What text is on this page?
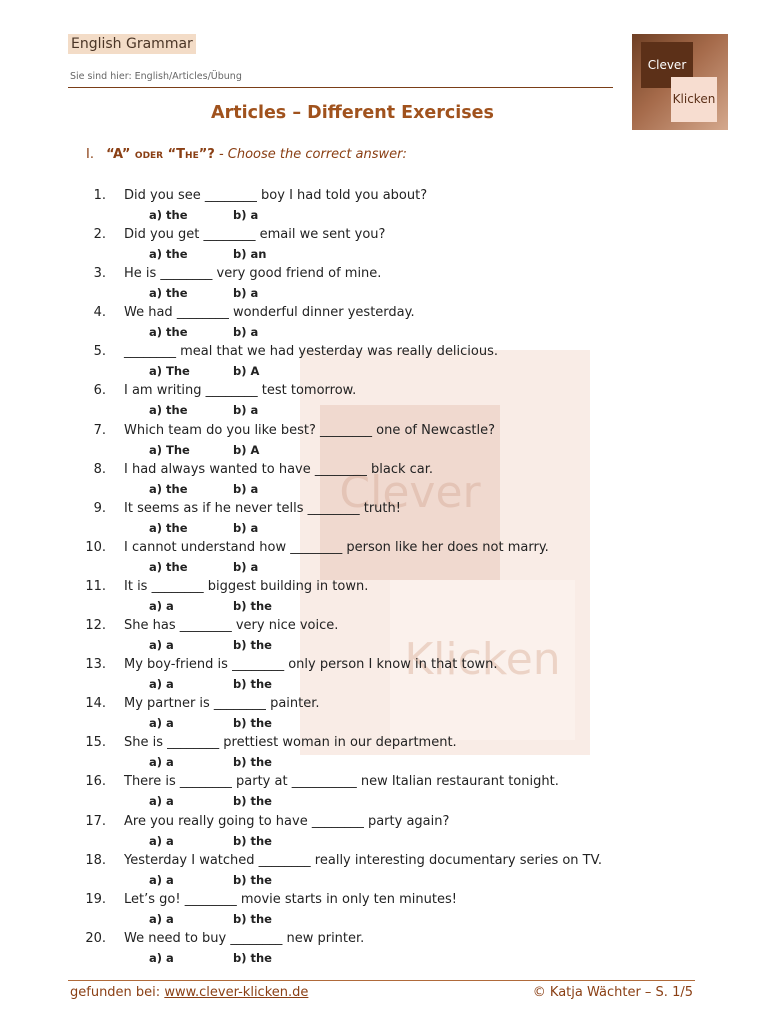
English Grammar
Sie sind hier: English/Articles/Übung
Clever
Klicken
Clever
Klicken
Articles – Different Exercises
I. “A” oder “The”? - Choose the correct answer:
1. Did you see ________ boy I had told you about?
a) the	b) a
2. Did you get ________ email we sent you?
a) the	b) an
3. He is ________ very good friend of mine.
a) the	b) a
4. We had ________ wonderful dinner yesterday.
a) the	b) a
5. ________ meal that we had yesterday was really delicious.
a) The	b) A
6. I am writing ________ test tomorrow.
a) the	b) a
7. Which team do you like best? ________ one of Newcastle?
a) The	b) A
8. I had always wanted to have ________ black car.
a) the	b) a
9. It seems as if he never tells ________ truth!
a) the	b) a
10. I cannot understand how ________ person like her does not marry.
a) the	b) a
11. It is ________ biggest building in town.
a) a	b) the
12. She has ________ very nice voice.
a) a	b) the
13. My boy-friend is ________ only person I know in that town.
a) a	b) the
14. My partner is ________ painter.
a) a	b) the
15. She is ________ prettiest woman in our department.
a) a	b) the
16. There is ________ party at __________ new Italian restaurant tonight.
a) a	b) the
17. Are you really going to have ________ party again?
a) a	b) the
18. Yesterday I watched ________ really interesting documentary series on TV.
a) a	b) the
19. Let’s go! ________ movie starts in only ten minutes!
a) a	b) the
20. We need to buy ________ new printer.
a) a	b) the
gefunden bei: www.clever-klicken.de	© Katja Wächter – S. 1/5
